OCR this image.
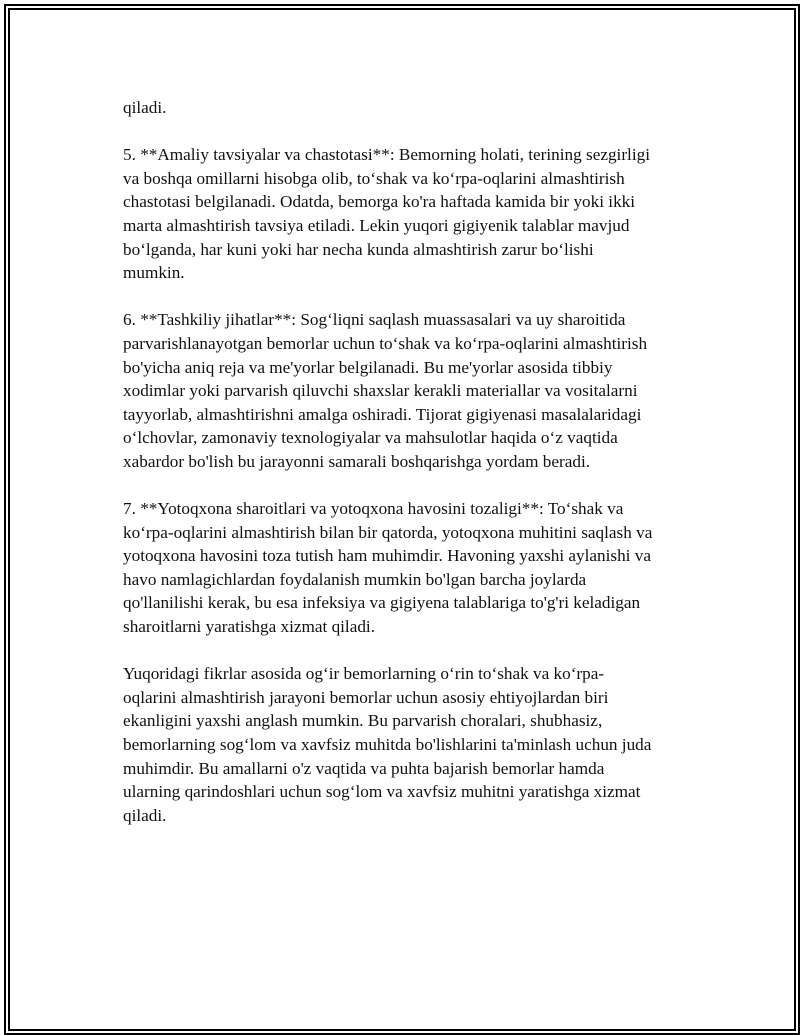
qiladi.

5. **Amaliy tavsiyalar va chastotasi**: Bemorning holati, terining sezgirligi
va boshqa omillarni hisobga olib, to‘shak va ko‘rpa-oqlarini almashtirish
chastotasi belgilanadi. Odatda, bemorga ko'ra haftada kamida bir yoki ikki
marta almashtirish tavsiya etiladi. Lekin yuqori gigiyenik talablar mavjud
bo‘lganda, har kuni yoki har necha kunda almashtirish zarur bo‘lishi
mumkin.

6. **Tashkiliy jihatlar**: Sog‘liqni saqlash muassasalari va uy sharoitida
parvarishlanayotgan bemorlar uchun to‘shak va ko‘rpa-oqlarini almashtirish
bo'yicha aniq reja va me'yorlar belgilanadi. Bu me'yorlar asosida tibbiy
xodimlar yoki parvarish qiluvchi shaxslar kerakli materiallar va vositalarni
tayyorlab, almashtirishni amalga oshiradi. Tijorat gigiyenasi masalalaridagi
o‘lchovlar, zamonaviy texnologiyalar va mahsulotlar haqida o‘z vaqtida
xabardor bo'lish bu jarayonni samarali boshqarishga yordam beradi.

7. **Yotoqxona sharoitlari va yotoqxona havosini tozaligi**: To‘shak va
ko‘rpa-oqlarini almashtirish bilan bir qatorda, yotoqxona muhitini saqlash va
yotoqxona havosini toza tutish ham muhimdir. Havoning yaxshi aylanishi va
havo namlagichlardan foydalanish mumkin bo'lgan barcha joylarda
qo'llanilishi kerak, bu esa infeksiya va gigiyena talablariga to'g'ri keladigan
sharoitlarni yaratishga xizmat qiladi.

Yuqoridagi fikrlar asosida og‘ir bemorlarning o‘rin to‘shak va ko‘rpa-
oqlarini almashtirish jarayoni bemorlar uchun asosiy ehtiyojlardan biri
ekanligini yaxshi anglash mumkin. Bu parvarish choralari, shubhasiz,
bemorlarning sog‘lom va xavfsiz muhitda bo'lishlarini ta'minlash uchun juda
muhimdir. Bu amallarni o'z vaqtida va puhta bajarish bemorlar hamda
ularning qarindoshlari uchun sog‘lom va xavfsiz muhitni yaratishga xizmat
qiladi.
